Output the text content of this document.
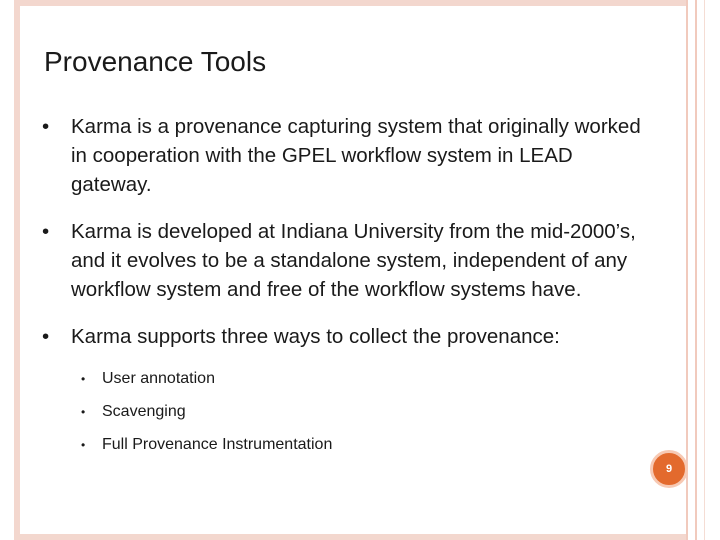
Provenance Tools
• Karma is a provenance capturing system that originally worked in cooperation with the GPEL workflow system in LEAD gateway.
• Karma is developed at Indiana University from the mid-2000’s, and it evolves to be a standalone system, independent of any workflow system and free of the workflow systems have.
• Karma supports three ways to collect the provenance:
• User annotation
• Scavenging
• Full Provenance Instrumentation
9
